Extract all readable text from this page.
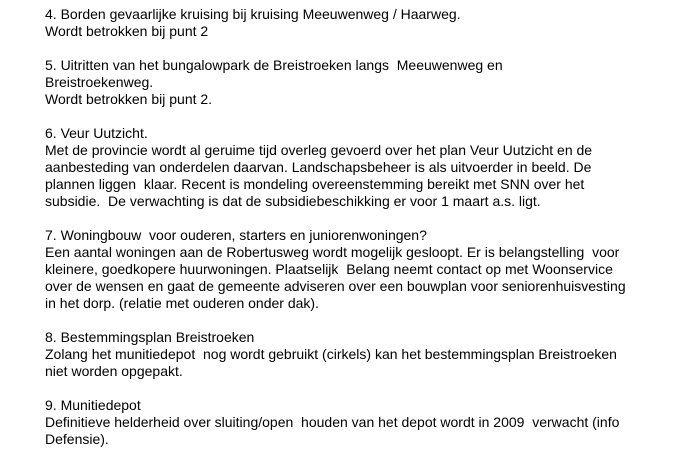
4. Borden gevaarlijke kruising bij kruising Meeuwenweg / Haarweg.
Wordt betrokken bij punt 2
5. Uitritten van het bungalowpark de Breistroeken langs  Meeuwenweg en
Breistroekenweg.
Wordt betrokken bij punt 2.
6. Veur Uutzicht.
Met de provincie wordt al geruime tijd overleg gevoerd over het plan Veur Uutzicht en de
aanbesteding van onderdelen daarvan. Landschapsbeheer is als uitvoerder in beeld. De
plannen liggen  klaar. Recent is mondeling overeenstemming bereikt met SNN over het
subsidie.  De verwachting is dat de subsidiebeschikking er voor 1 maart a.s. ligt.
7. Woningbouw  voor ouderen, starters en juniorenwoningen?
Een aantal woningen aan de Robertusweg wordt mogelijk gesloopt. Er is belangstelling  voor
kleinere, goedkopere huurwoningen. Plaatselijk  Belang neemt contact op met Woonservice
over de wensen en gaat de gemeente adviseren over een bouwplan voor seniorenhuisvesting
in het dorp. (relatie met ouderen onder dak).
8. Bestemmingsplan Breistroeken
Zolang het munitiedepot  nog wordt gebruikt (cirkels) kan het bestemmingsplan Breistroeken
niet worden opgepakt.
9. Munitiedepot
Definitieve helderheid over sluiting/open  houden van het depot wordt in 2009  verwacht (info
Defensie).
